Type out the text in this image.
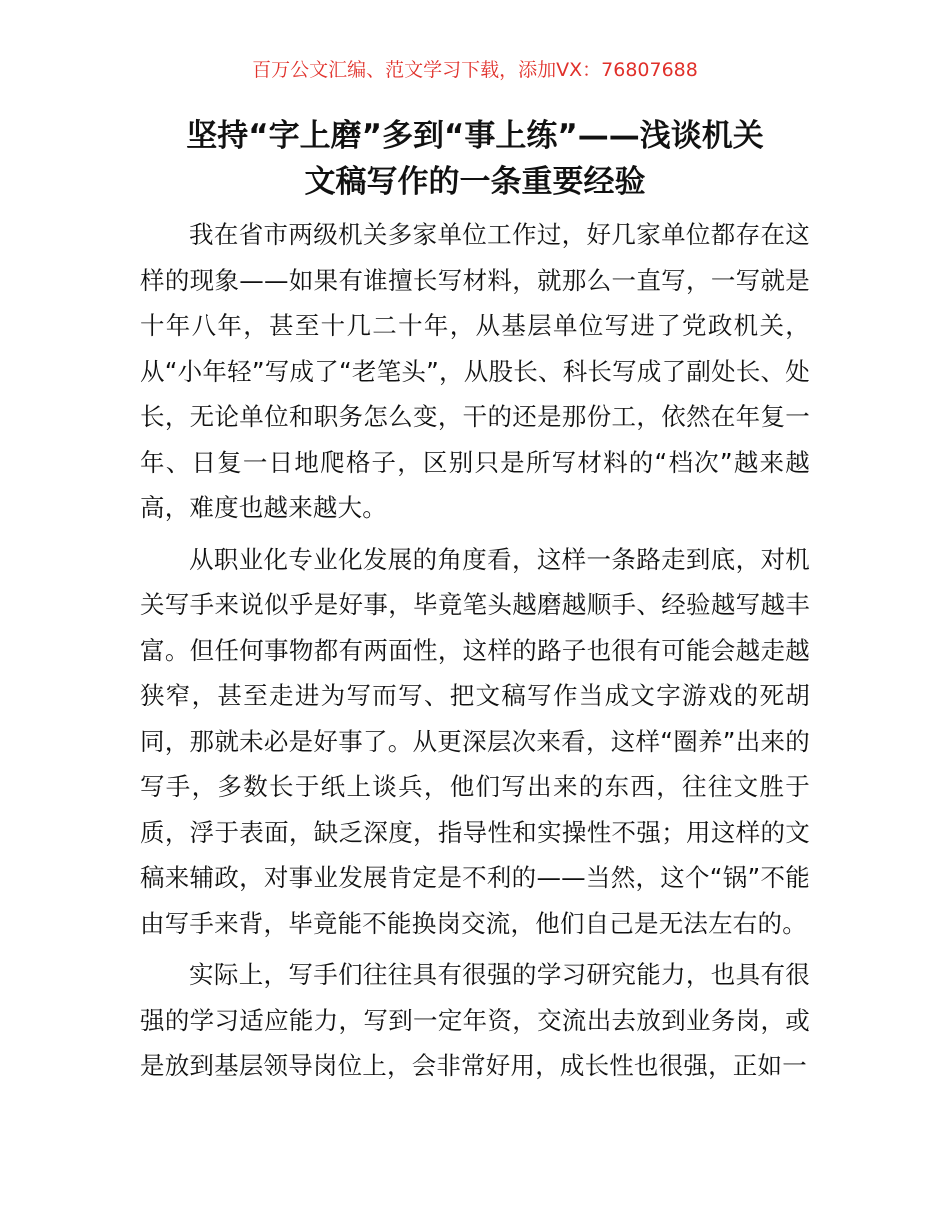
百万公文汇编、范文学习下载，添加VX：76807688
坚持“字上磨”多到“事上练”——浅谈机关
文稿写作的一条重要经验

我在省市两级机关多家单位工作过，好几家单位都存在这样的现象——如果有谁擅长写材料，就那么一直写，一写就是十年八年，甚至十几二十年，从基层单位写进了党政机关，从“小年轻”写成了“老笔头”，从股长、科长写成了副处长、处长，无论单位和职务怎么变，干的还是那份工，依然在年复一年、日复一日地爬格子，区别只是所写材料的“档次”越来越高，难度也越来越大。

从职业化专业化发展的角度看，这样一条路走到底，对机关写手来说似乎是好事，毕竟笔头越磨越顺手、经验越写越丰富。但任何事物都有两面性，这样的路子也很有可能会越走越狭窄，甚至走进为写而写、把文稿写作当成文字游戏的死胡同，那就未必是好事了。从更深层次来看，这样“圈养”出来的写手，多数长于纸上谈兵，他们写出来的东西，往往文胜于质，浮于表面，缺乏深度，指导性和实操性不强；用这样的文稿来辅政，对事业发展肯定是不利的——当然，这个“锅”不能由写手来背，毕竟能不能换岗交流，他们自己是无法左右的。

实际上，写手们往往具有很强的学习研究能力，也具有很强的学习适应能力，写到一定年资，交流出去放到业务岗，或是放到基层领导岗位上，会非常好用，成长性也很强，正如一
